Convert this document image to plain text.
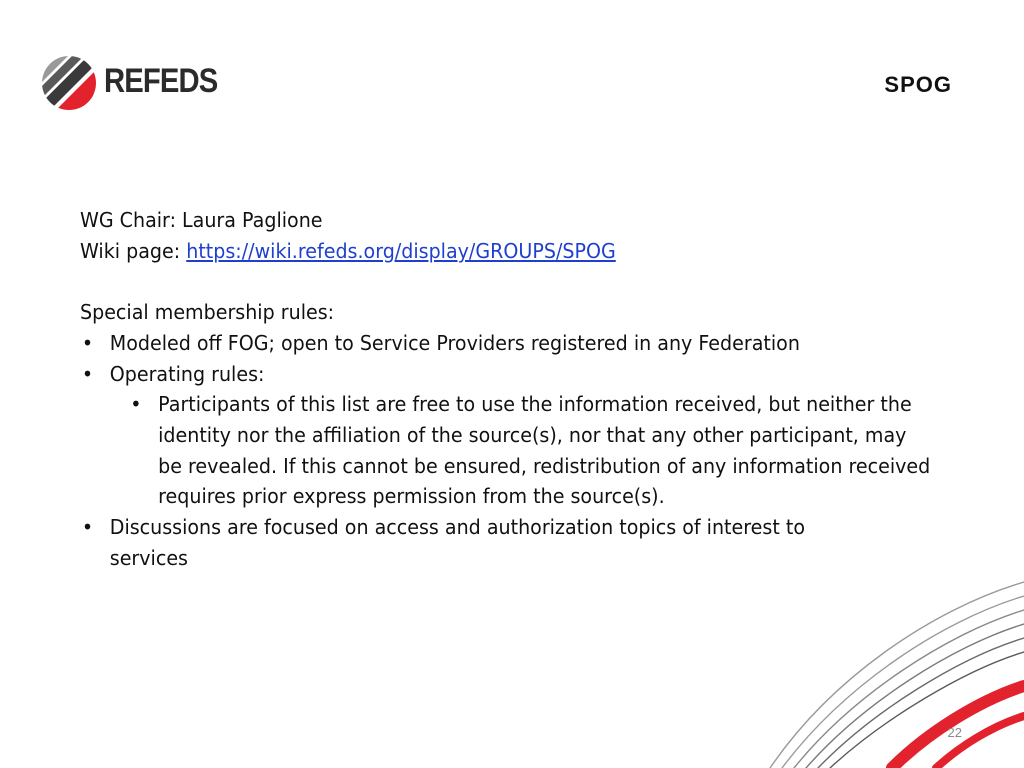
REFEDS	SPOG
WG Chair: Laura Paglione
Wiki page: https://wiki.refeds.org/display/GROUPS/SPOG
Special membership rules:
• Modeled off FOG; open to Service Providers registered in any Federation
• Operating rules:
• Participants of this list are free to use the information received, but neither the identity nor the affiliation of the source(s), nor that any other participant, may be revealed. If this cannot be ensured, redistribution of any information received requires prior express permission from the source(s).
• Discussions are focused on access and authorization topics of interest to services
22
